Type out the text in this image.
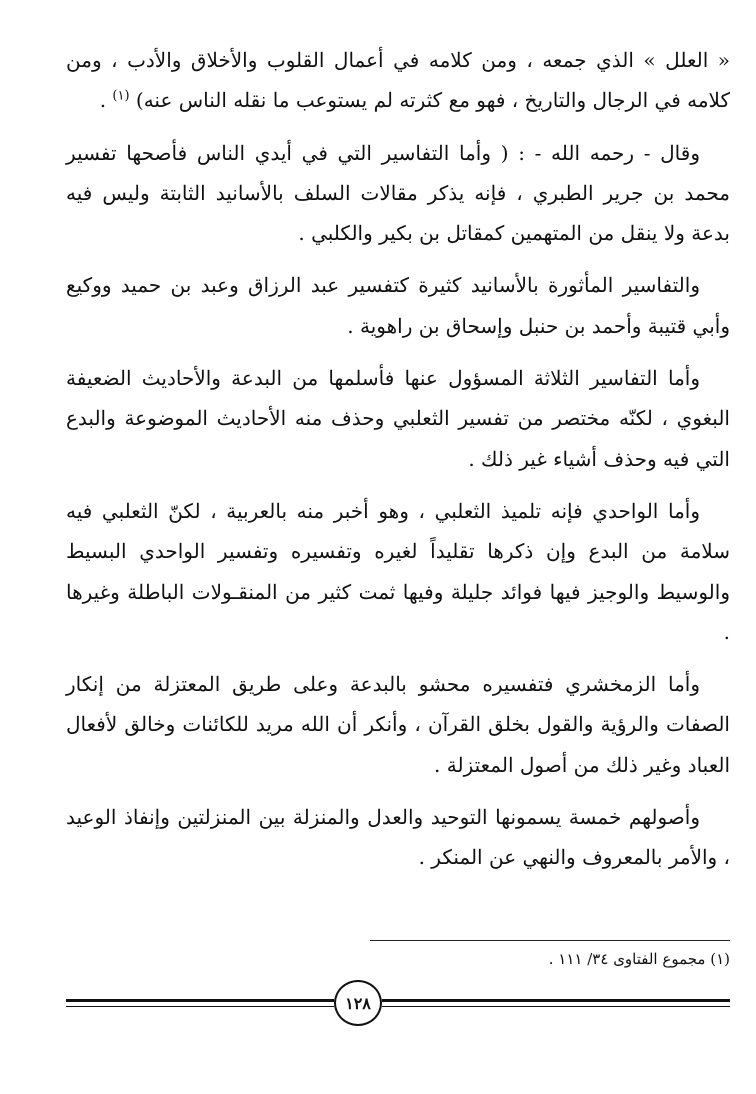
« العلل » الذي جمعه ، ومن كلامه في أعمال القلوب والأخلاق والأدب ، ومن كلامه في الرجال والتاريخ ، فهو مع كثرته لم يستوعب ما نقله الناس عنه) $^{(١)}$ .

وقال - رحمه الله - : ( وأما التفاسير التي في أيدي الناس فأصحها تفسير محمد بن جرير الطبري ، فإنه يذكر مقالات السلف بالأسانيد الثابتة وليس فيه بدعة ولا ينقل من المتهمين كمقاتل بن بكير والكلبي .

والتفاسير المأثورة بالأسانيد كثيرة كتفسير عبد الرزاق وعبد بن حميد ووكيع وأبي قتيبة وأحمد بن حنبل وإسحاق بن راهوية .

وأما التفاسير الثلاثة المسؤول عنها فأسلمها من البدعة والأحاديث الضعيفة البغوي ، لكنّه مختصر من تفسير الثعلبي وحذف منه الأحاديث الموضوعة والبدع التي فيه وحذف أشياء غير ذلك .

وأما الواحدي فإنه تلميذ الثعلبي ، وهو أخبر منه بالعربية ، لكنّ الثعلبي فيه سلامة من البدع وإن ذكرها تقليداً لغيره وتفسيره وتفسير الواحدي البسيط والوسيط والوجيز فيها فوائد جليلة وفيها ثمت كثير من المنقـولات الباطلة وغيرها .

وأما الزمخشري فتفسيره محشو بالبدعة وعلى طريق المعتزلة من إنكار الصفات والرؤية والقول بخلق القرآن ، وأنكر أن الله مريد للكائنات وخالق لأفعال العباد وغير ذلك من أصول المعتزلة .

وأصولهم خمسة يسمونها التوحيد والعدل والمنزلة بين المنزلتين وإنفاذ الوعيد ، والأمر بالمعروف والنهي عن المنكر .

(١) مجموع الفتاوى ٣٤/ ١١١ .
١٢٨
